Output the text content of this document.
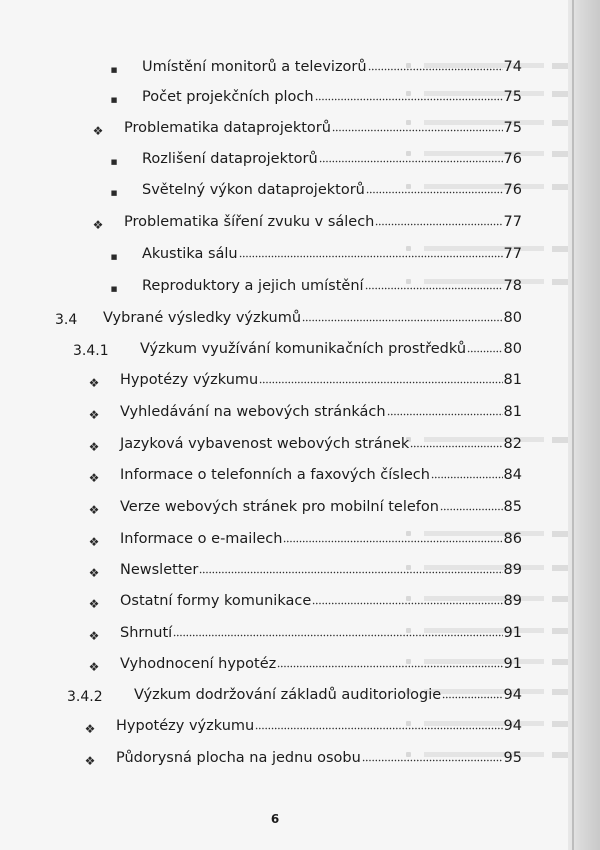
■ Umístění monitorů a televizorů	74
■ Počet projekčních ploch	75
❖ Problematika dataprojektorů	75
■ Rozlišení dataprojektorů	76
■ Světelný výkon dataprojektorů	76
❖ Problematika šíření zvuku v sálech	77
■ Akustika sálu	77
■ Reproduktory a jejich umístění	78
3.4 Vybrané výsledky výzkumů	80
3.4.1 Výzkum využívání komunikačních prostředků	80
❖ Hypotézy výzkumu	81
❖ Vyhledávání na webových stránkách	81
❖ Jazyková vybavenost webových stránek	82
❖ Informace o telefonních a faxových číslech	84
❖ Verze webových stránek pro mobilní telefon	85
❖ Informace o e-mailech	86
❖ Newsletter	89
❖ Ostatní formy komunikace	89
❖ Shrnutí	91
❖ Vyhodnocení hypotéz	91
3.4.2 Výzkum dodržování základů auditoriologie	94
❖ Hypotézy výzkumu	94
❖ Půdorysná plocha na jednu osobu	95
6
